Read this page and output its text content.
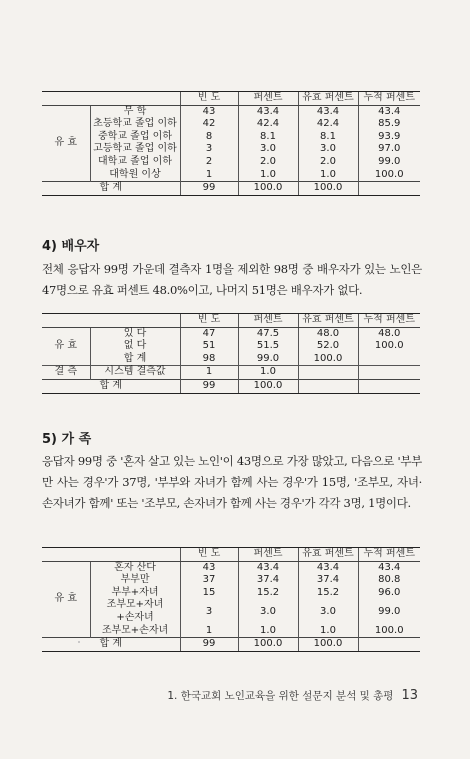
		빈 도	퍼센트	유효 퍼센트	누적 퍼센트
유 효	무 학	43	43.4	43.4	43.4
	초등학교 졸업 이하	42	42.4	42.4	85.9
	중학교 졸업 이하	8	8.1	8.1	93.9
	고등학교 졸업 이하	3	3.0	3.0	97.0
	대학교 졸업 이하	2	2.0	2.0	99.0
	대학원 이상	1	1.0	1.0	100.0
합 계		99	100.0	100.0	
4) 배우자
전체 응답자 99명 가운데 결측자 1명을 제외한 98명 중 배우자가 있는 노인은 47명으로 유효 퍼센트 48.0%이고, 나머지 51명은 배우자가 없다.
		빈 도	퍼센트	유효 퍼센트	누적 퍼센트
유 효	있 다	47	47.5	48.0	48.0
	없 다	51	51.5	52.0	100.0
	합 계	98	99.0	100.0	
결 측	시스템 결측값	1	1.0		
합 계		99	100.0		
5) 가 족
응답자 99명 중 '혼자 살고 있는 노인'이 43명으로 가장 많았고, 다음으로 '부부만 사는 경우'가 37명, '부부와 자녀가 함께 사는 경우'가 15명, '조부모, 자녀·손자녀가 함께' 또는 '조부모, 손자녀가 함께 사는 경우'가 각각 3명, 1명이다.
		빈 도	퍼센트	유효 퍼센트	누적 퍼센트
유 효	혼자 산다	43	43.4	43.4	43.4
	부부만	37	37.4	37.4	80.8
	부부+자녀	15	15.2	15.2	96.0
	조부모+자녀
+손자녀	3	3.0	3.0	99.0
	조부모+손자녀	1	1.0	1.0	100.0
합 계		99	100.0	100.0	
1. 한국교회 노인교육을 위한 설문지 분석 및 총평 13
